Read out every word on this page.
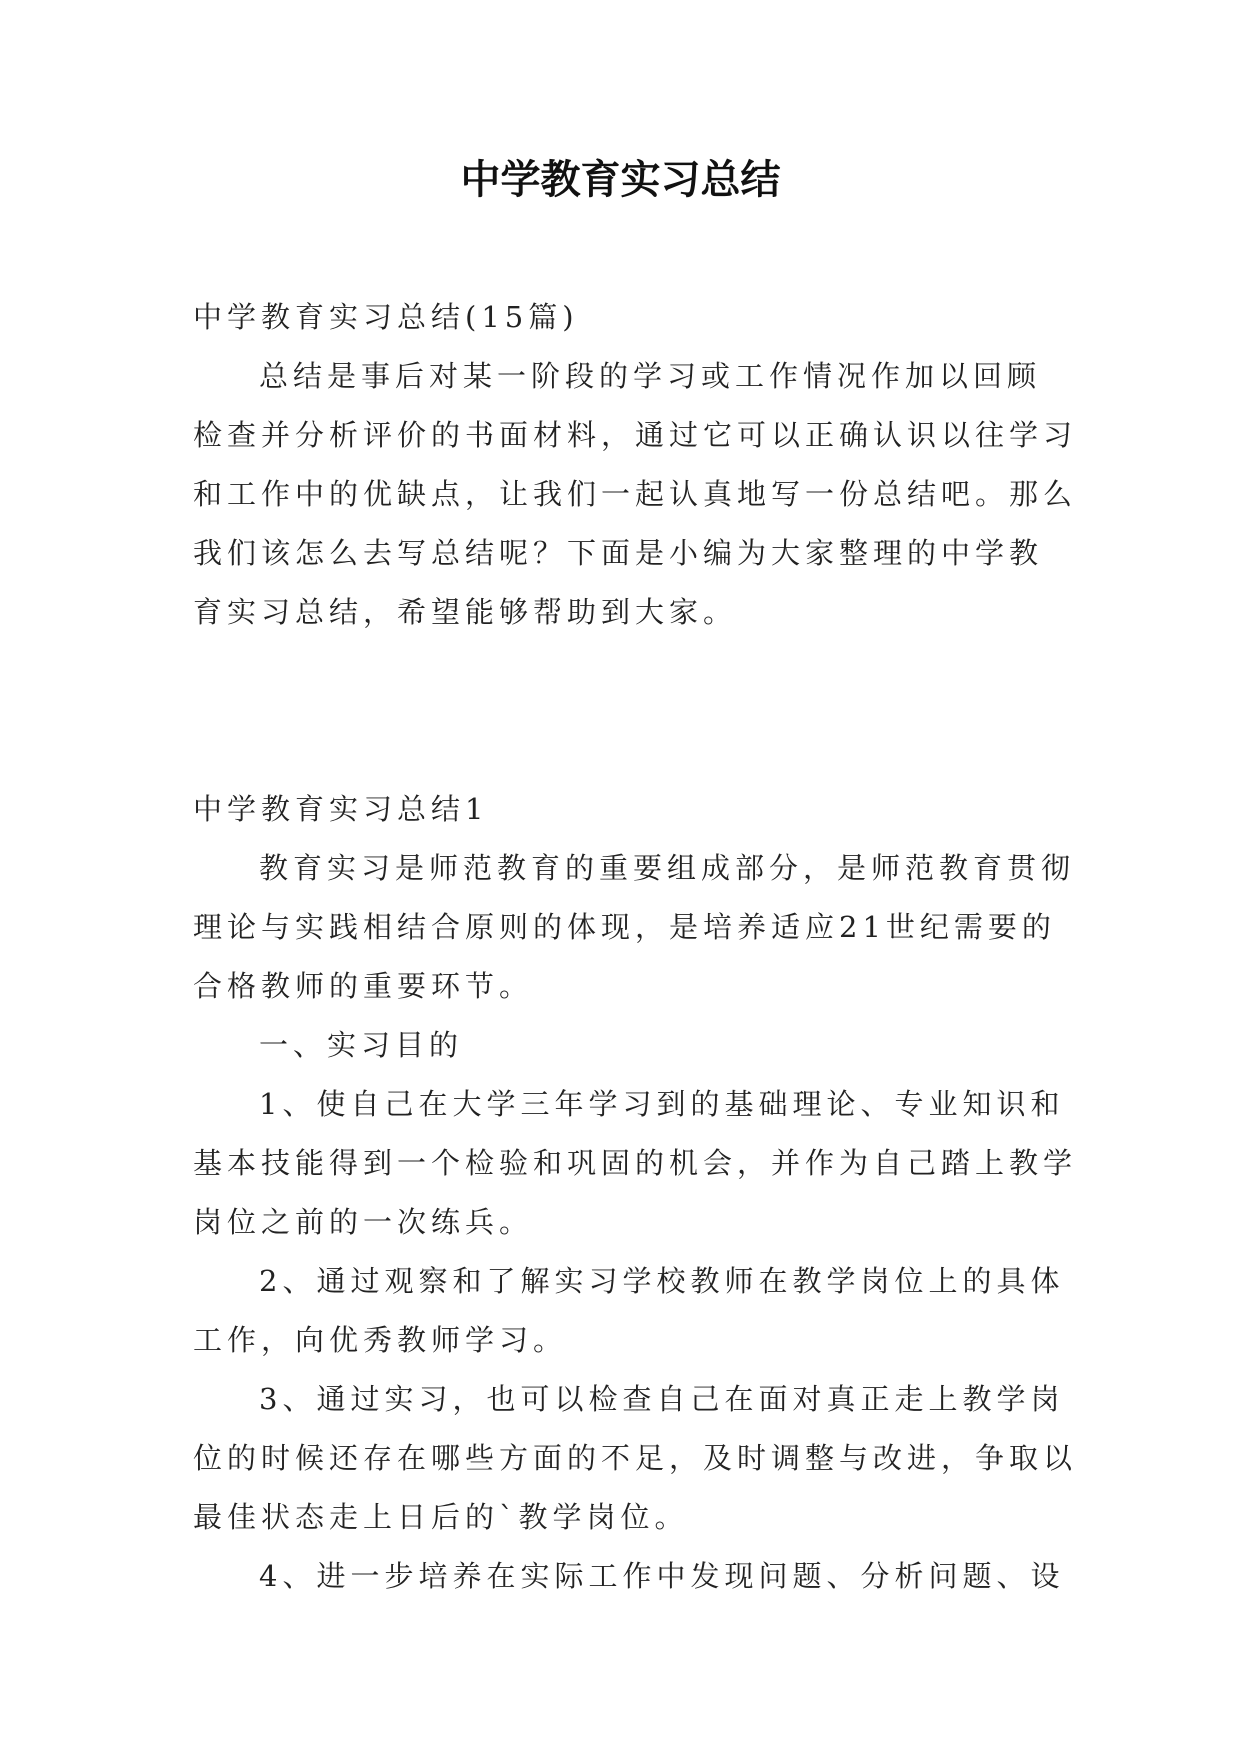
中学教育实习总结

中学教育实习总结(15篇)

总结是事后对某一阶段的学习或工作情况作加以回顾

检查并分析评价的书面材料，通过它可以正确认识以往学习

和工作中的优缺点，让我们一起认真地写一份总结吧。那么

我们该怎么去写总结呢？下面是小编为大家整理的中学教

育实习总结，希望能够帮助到大家。

中学教育实习总结1

教育实习是师范教育的重要组成部分，是师范教育贯彻

理论与实践相结合原则的体现，是培养适应21世纪需要的

合格教师的重要环节。

一、实习目的

1、使自己在大学三年学习到的基础理论、专业知识和

基本技能得到一个检验和巩固的机会，并作为自己踏上教学

岗位之前的一次练兵。

2、通过观察和了解实习学校教师在教学岗位上的具体

工作，向优秀教师学习。

3、通过实习，也可以检查自己在面对真正走上教学岗

位的时候还存在哪些方面的不足，及时调整与改进，争取以

最佳状态走上日后的`教学岗位。

4、进一步培养在实际工作中发现问题、分析问题、设
